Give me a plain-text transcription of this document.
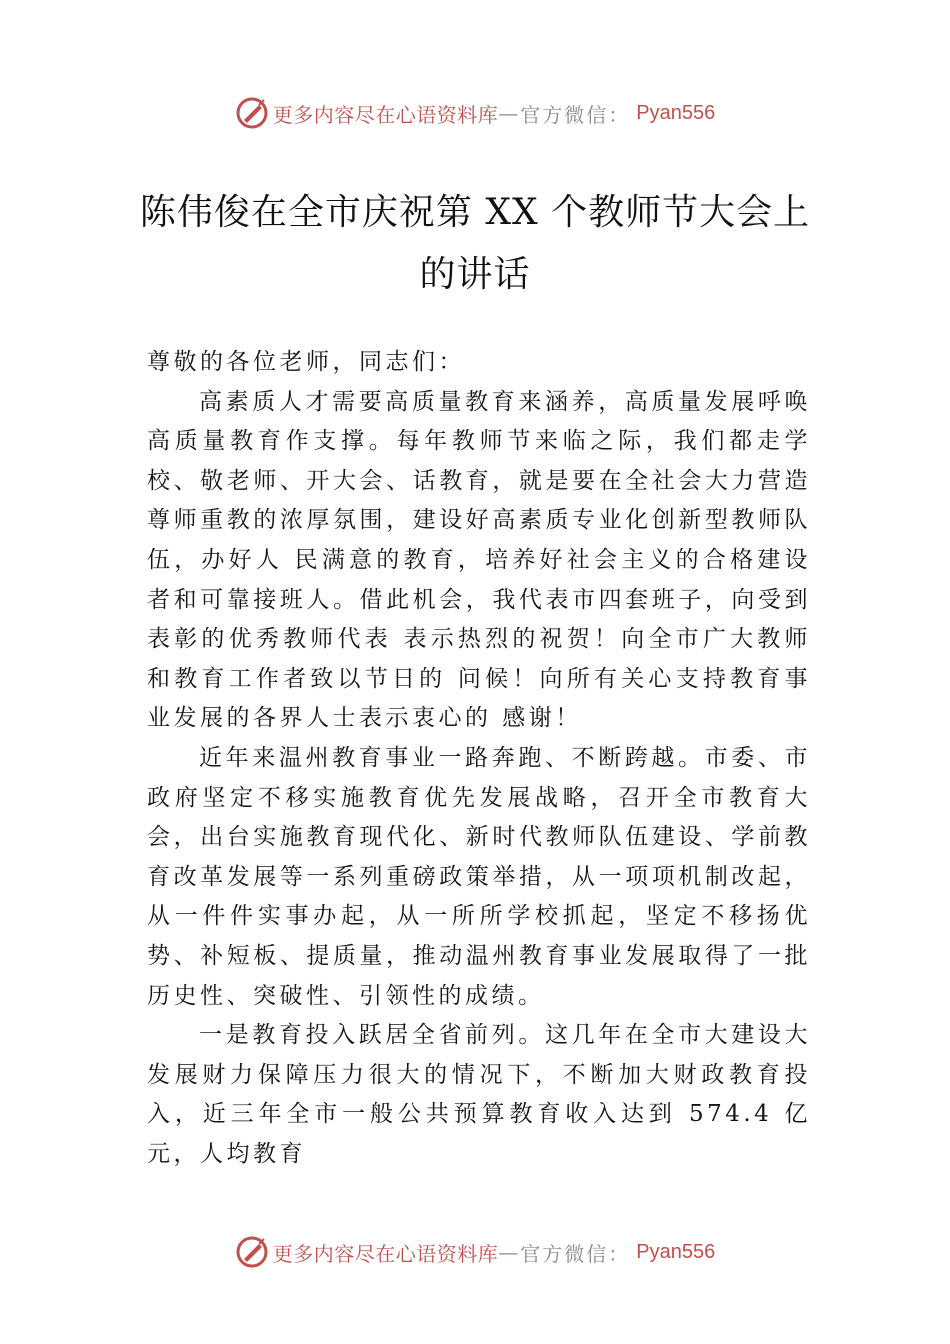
更多内容尽在心语资料库 — 官方微信： Pyan556
陈伟俊在全市庆祝第 XX 个教师节大会上
的讲话

尊敬的各位老师，同志们：

高素质人才需要高质量教育来涵养，高质量发展呼唤高质量教育作支撑。每年教师节来临之际，我们都走学校、敬老师、开大会、话教育，就是要在全社会大力营造尊师重教的浓厚氛围，建设好高素质专业化创新型教师队伍，办好人 民满意的教育，培养好社会主义的合格建设者和可靠接班人。借此机会，我代表市四套班子，向受到表彰的优秀教师代表 表示热烈的祝贺！向全市广大教师和教育工作者致以节日的 问候！向所有关心支持教育事业发展的各界人士表示衷心的 感谢！

近年来温州教育事业一路奔跑、不断跨越。市委、市政府坚定不移实施教育优先发展战略，召开全市教育大会，出台实施教育现代化、新时代教师队伍建设、学前教育改革发展等一系列重磅政策举措，从一项项机制改起，从一件件实事办起，从一所所学校抓起，坚定不移扬优势、补短板、提质量，推动温州教育事业发展取得了一批历史性、突破性、引领性的成绩。

一是教育投入跃居全省前列。这几年在全市大建设大发展财力保障压力很大的情况下，不断加大财政教育投入，近三年全市一般公共预算教育收入达到 574.4 亿元，人均教育

更多内容尽在心语资料库 — 官方微信： Pyan556
